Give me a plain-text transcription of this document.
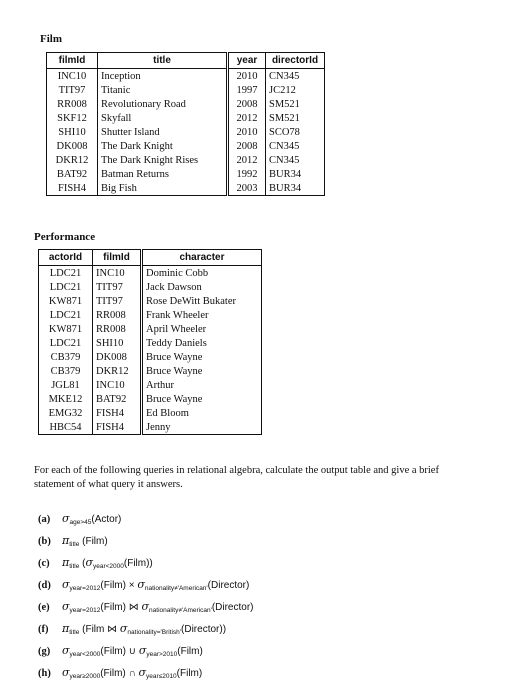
Film
filmId	title	year	directorId
INC10	Inception	2010	CN345
TIT97	Titanic	1997	JC212
RR008	Revolutionary Road	2008	SM521
SKF12	Skyfall	2012	SM521
SHI10	Shutter Island	2010	SCO78
DK008	The Dark Knight	2008	CN345
DKR12	The Dark Knight Rises	2012	CN345
BAT92	Batman Returns	1992	BUR34
FISH4	Big Fish	2003	BUR34
Performance
actorId	filmId	character
LDC21	INC10	Dominic Cobb
LDC21	TIT97	Jack Dawson
KW871	TIT97	Rose DeWitt Bukater
LDC21	RR008	Frank Wheeler
KW871	RR008	April Wheeler
LDC21	SHI10	Teddy Daniels
CB379	DK008	Bruce Wayne
CB379	DKR12	Bruce Wayne
JGL81	INC10	Arthur
MKE12	BAT92	Bruce Wayne
EMG32	FISH4	Ed Bloom
HBC54	FISH4	Jenny
For each of the following queries in relational algebra, calculate the output table and give a brief statement of what query it answers.
(a)	$\sigma_{age>45}(Actor)$
(b)	$\pi_{title}$ (Film)
(c)	$\pi_{title}$ $(\sigma_{year<2000}(Film))$
(d)	$\sigma_{year=2012}(Film)$ × $\sigma_{nationality\ne'American'}(Director)$
(e)	$\sigma_{year=2012}(Film)$ ⋈ $\sigma_{nationality\ne'American'}(Director)$
(f)	$\pi_{title}$ (Film ⋈ $\sigma_{nationality='British'}(Director)$)
(g)	$\sigma_{year<2000}(Film)$ ∪ $\sigma_{year>2010}(Film)$
(h)	$\sigma_{year\ge 2000}(Film)$ ∩ $\sigma_{year\le 2010}(Film)$
